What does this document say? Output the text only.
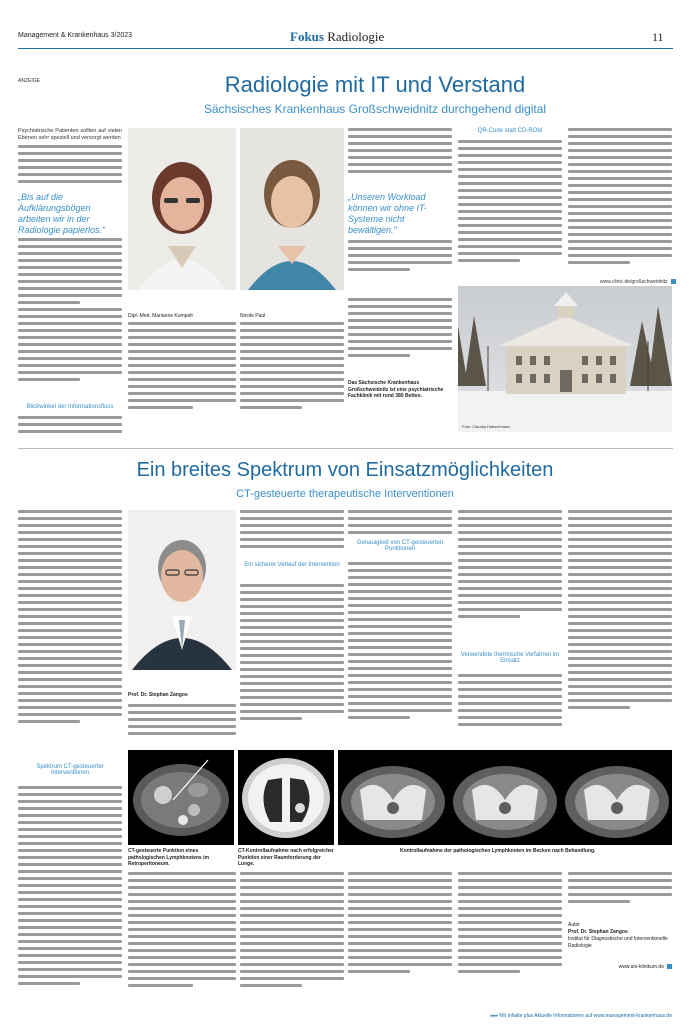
Management & Krankenhaus 3/2023	Fokus Radiologie	11
ANZEIGE	Radiologie mit IT und Verstand
Sächsisches Krankenhaus Großschweidnitz durchgehend digital
Psychiatrische Patienten sollten auf vielen Ebenen sehr speziell und versorgt werden
„Bis auf die Aufklärungsbögen arbeiten wir in der Radiologie papierlos."
Blickwinkel der Informationsfluss
Dipl.-Med. Marianne Kumpelt	Nicole Paul
„Unseren Workload können wir ohne IT-Systeme nicht bewältigen."
QR-Code statt CD-ROM
www.clinic.de/großschweidnitz
Das Sächsische Krankenhaus Großschweidnitz ist eine psychiatrische Fachklinik mit rund 380 Betten.
Foto: Claudia Hübschmann
Ein breites Spektrum von Einsatzmöglichkeiten
CT-gesteuerte therapeutische Interventionen
Spektrum CT-gesteuerter Interventionen
Prof. Dr. Stephan Zangos
Ein sicherer Verlauf der Intervention
Genauigkeit von CT-gesteuerten Punktionen
Verwendete thermische Verfahren im Einsatz
CT-gesteuerte Punktion eines pathologischen Lymphknotens im Retroperitoneum.
CT-Kontrollaufnahme nach erfolgreicher Punktion einer Raumforderung der Lunge.
Kontrollaufnahme der pathologischen Lymphknoten im Becken nach Behandlung.
Autor
Prof. Dr. Stephan Zangos
Institut für Diagnostische und Interventionelle Radiologie
www.uni-klinikum.de
▸▸▸ Mit Inhalte plus Aktuelle Informationen auf www.management-krankenhaus.de
